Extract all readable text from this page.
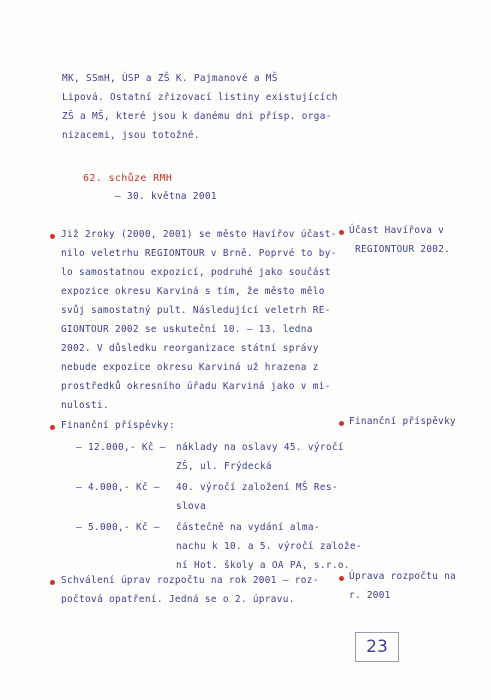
MK, SSmH, ÚSP a ZŠ K. Pajmanové a MŠ
Lipová. Ostatní zřizovací listiny existujících
ZŠ a MŠ, které jsou k danému dni přísp. orga-
nizacemi, jsou totožné.
62. schůze RMH
– 30. května 2001
Již 2roky (2000, 2001) se město Havířov účast-
nilo veletrhu REGIONTOUR v Brně. Poprvé to by-
lo samostatnou expozicí, podruhé jako součást
expozice okresu Karviná s tím, že město mělo
svůj samostatný pult. Následující veletrh RE-
GIONTOUR 2002 se uskuteční 10. – 13. ledna
2002. V důsledku reorganizace státní správy
nebude expozice okresu Karviná už hrazena z
prostředků okresního úřadu Karviná jako v mi-
nulosti.
Účast Havířova v
REGIONTOUR 2002.
Finanční příspěvky:	Finanční příspěvky
– 12.000,- Kč – náklady na oslavy 45. výročí
ZŠ, ul. Frýdecká
– 4.000,- Kč – 40. výročí založení MŠ Res-
slova
– 5.000,- Kč – částečně na vydání alma-
nachu k 10. a 5. výročí založe-
ní Hot. školy a OA PA, s.r.o.
Schválení úprav rozpočtu na rok 2001 – roz-
počtová opatření. Jedná se o 2. úpravu.
Úprava rozpočtu na
r. 2001
23
